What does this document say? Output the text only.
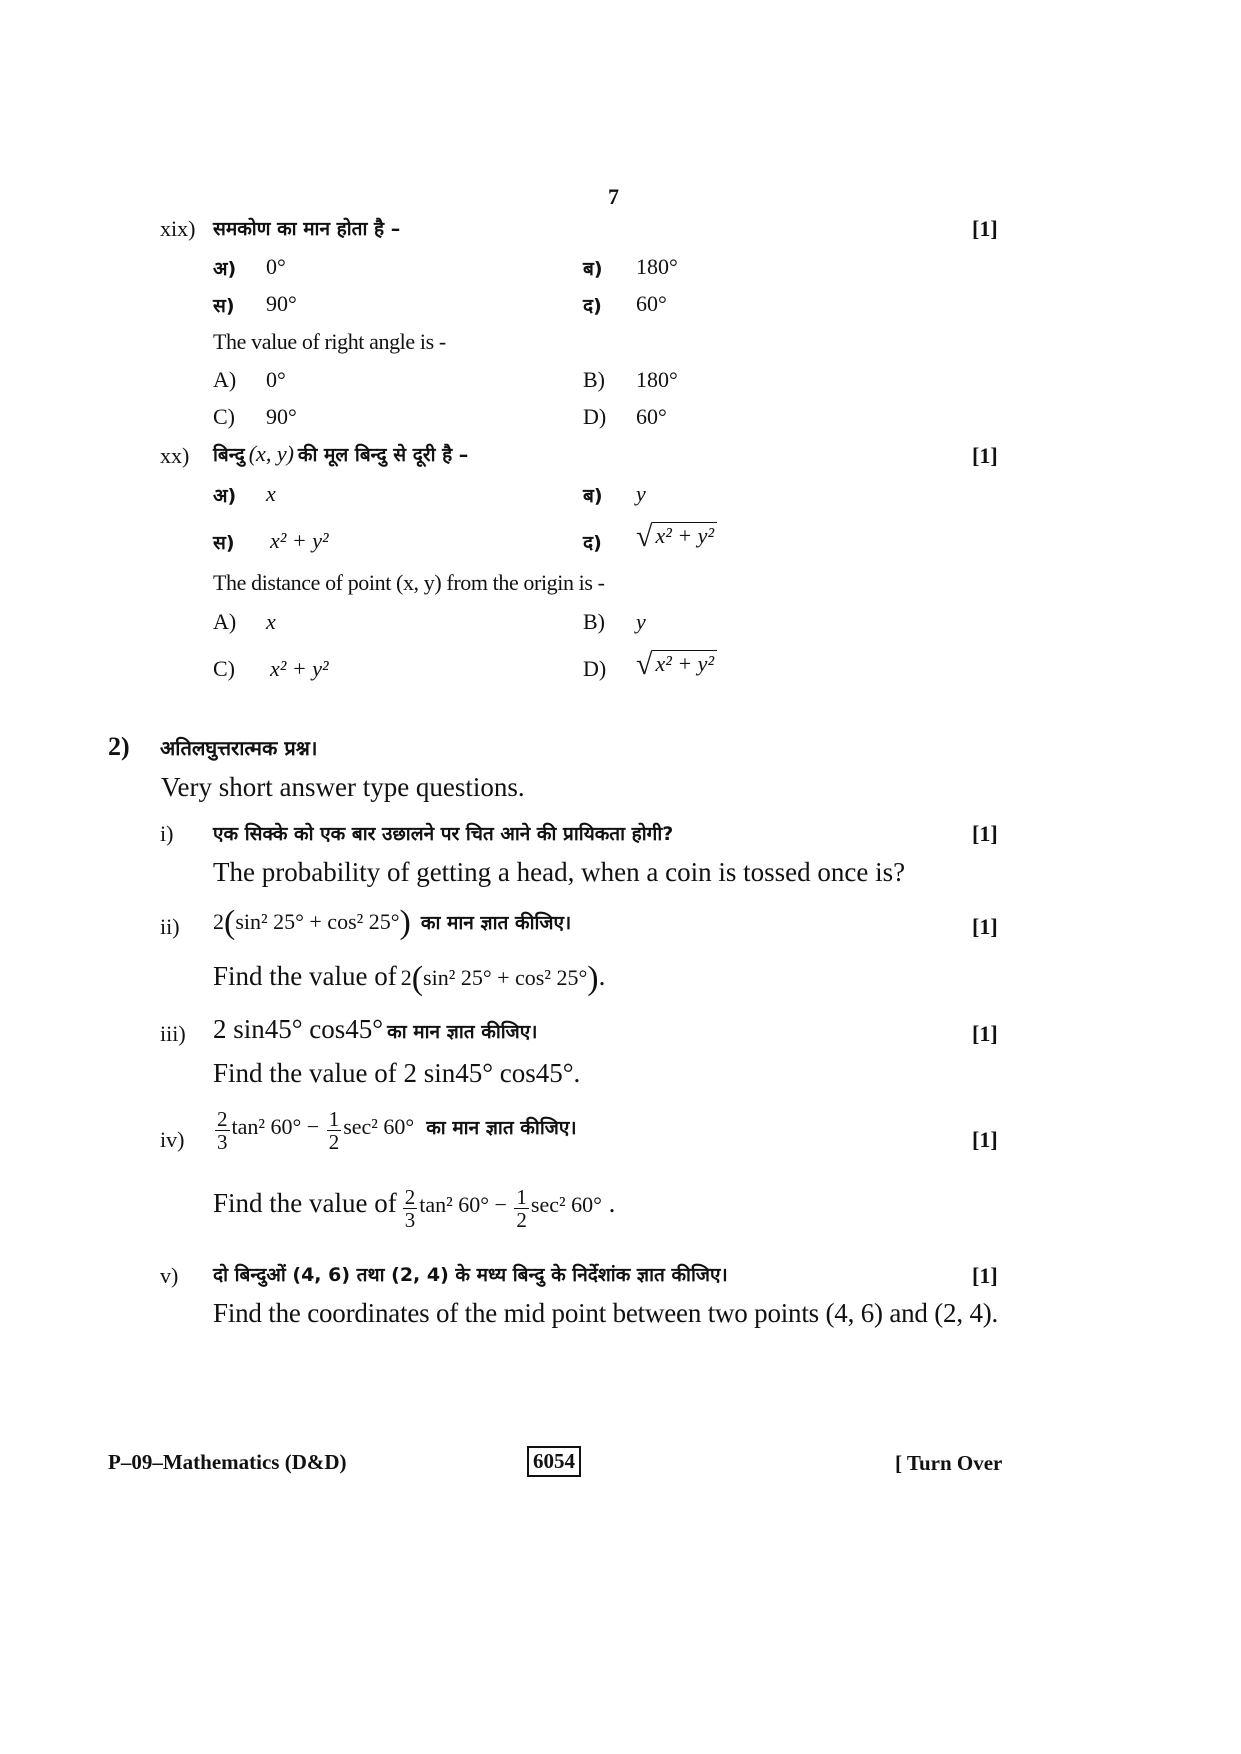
7
xix) समकोण का मान होता है –	[1]
अ) 0°	ब) 180°
स) 90°	द) 60°
The value of right angle is -
A) 0°	B) 180°
C) 90°	D) 60°
xx) बिन्दु (x, y) की मूल बिन्दु से दूरी है –	[1]
अ) x	ब) y
स) x² + y²	द) √ x² + y²
The distance of point (x, y) from the origin is -
A) x	B) y
C) x² + y²	D) √ x² + y²
2) अतिलघुत्तरात्मक प्रश्न।
Very short answer type questions.
i) एक सिक्के को एक बार उछालने पर चित आने की प्रायिकता होगी?	[1]
The probability of getting a head, when a coin is tossed once is?
ii) 2(sin² 25° + cos² 25°) का मान ज्ञात कीजिए।	[1]
Find the value of 2(sin² 25° + cos² 25°).
iii) 2 sin45° cos45° का मान ज्ञात कीजिए।	[1]
Find the value of 2 sin45° cos45°.
$iv) \frac{2}{3} \tan^2$ $60^\circ - \frac{1}{2} \sec^2$ 60° का मान ज्ञात कीजिए।	[1]
Find the value of $\frac{2}{3} \tan^2$ $60^\circ - \frac{1}{2} \sec^2$ 60° .
v) दो बिन्दुओं (4, 6) तथा (2, 4) के मध्य बिन्दु के निर्देशांक ज्ञात कीजिए।	[1]
Find the coordinates of the mid point between two points (4, 6) and (2, 4).
P–09–Mathematics (D&D)	6054	[ Turn Over
